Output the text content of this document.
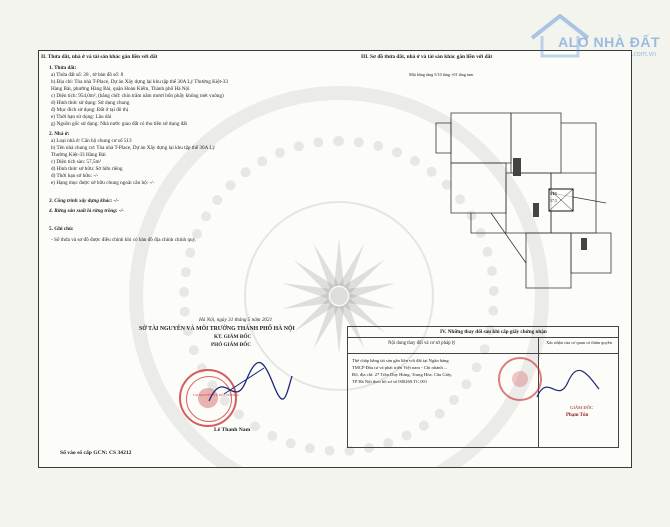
II. Thửa đất, nhà ở và tài sản khác gắn liền với đất
1. Thửa đất:
a) Thửa đất số: 28 , tờ bản đồ số: 8
b) Địa chỉ: Tòa nhà T-Place, Dự án Xây dựng lại khu tập thể 30A Lý Thường Kiệt-33
Hàng Bài, phường Hàng Bài, quận Hoàn Kiếm, Thành phố Hà Nội
c) Diện tích: 954,0m², (bằng chữ: chín trăm năm mươi bốn phẩy không mét vuông)
d) Hình thức sử dụng: Sử dụng chung
đ) Mục đích sử dụng: Đất ở tại đô thị
e) Thời hạn sử dụng: Lâu dài
g) Nguồn gốc sử dụng: Nhà nước giao đất có thu tiền sử dụng đất
2. Nhà ở:
a) Loại nhà ở: Căn hộ chung cư số 513
b) Tên nhà chung cư: Tòa nhà T-Place, Dự án Xây dựng lại khu tập thể 30A Lý
Thường Kiệt-33 Hàng Bài
c) Diện tích sàn: 57,5m²
d) Hình thức sở hữu: Sở hữu riêng
đ) Thời hạn sở hữu: -/-
e) Hạng mục được sở hữu chung ngoài căn hộ: -/-
3. Công trình xây dựng khác: -/-
4. Rừng sản xuất là rừng trồng: -/-
5. Ghi chú:
- Số thửa và sơ đồ được điều chỉnh khi có bản đồ địa chính chính quy.
Hà Nội, ngày 31 tháng 5 năm 2021
SỞ TÀI NGUYÊN VÀ MÔI TRƯỜNG THÀNH PHỐ HÀ NỘI
KT. GIÁM ĐỐC
PHÓ GIÁM ĐỐC
TÀI NGUYÊN VÀ MÔI TRƯỜNG
Lê Thanh Nam
III. Sơ đồ thửa đất, nhà ở và tài sản khác gắn liền với đất
Mặt bằng tầng 5/10 tầng +01 tầng tum
513
57,5
IV. Những thay đổi sau khi cấp giấy chứng nhận
Nội dung thay đổi và cơ sở pháp lý	Xác nhận của cơ quan có thẩm quyền
Thế chấp bằng tài sản gắn liền với đất tại Ngân hàng
TMCP Đầu tư và phát triển Việt nam - Chi nhánh ...
Đô, địa chỉ: 27 Trần Duy Hưng, Trung Hòa, Cầu Giấy,
TP Hà Nội theo hồ sơ số 000269.TC.001
GIÁM ĐỐC
Phạm Tôn
Số vào sổ cấp GCN: CS 34212
ALO NHÀ ĐẤT
.com.vn
